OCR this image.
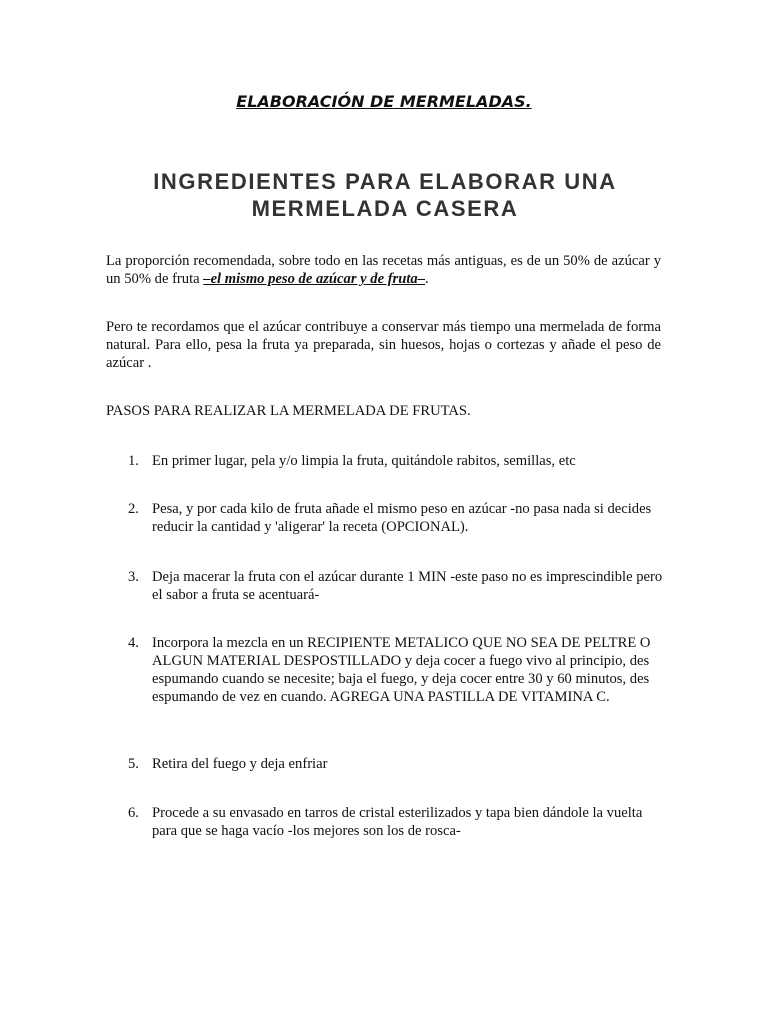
ELABORACIÓN DE MERMELADAS.
INGREDIENTES PARA ELABORAR UNA MERMELADA CASERA
La proporción recomendada, sobre todo en las recetas más antiguas, es de un 50% de azúcar y un 50% de fruta –el mismo peso de azúcar y de fruta–.
Pero te recordamos que el azúcar contribuye a conservar más tiempo una mermelada de forma natural. Para ello, pesa la fruta ya preparada, sin huesos, hojas o cortezas y añade el peso de azúcar .
PASOS PARA REALIZAR LA MERMELADA DE FRUTAS.
1. En primer lugar, pela y/o limpia la fruta, quitándole rabitos, semillas, etc
2. Pesa, y por cada kilo de fruta añade el mismo peso en azúcar -no pasa nada si decides reducir la cantidad y 'aligerar' la receta (OPCIONAL).
3. Deja macerar la fruta con el azúcar durante 1 MIN -este paso no es imprescindible pero el sabor a fruta se acentuará-
4. Incorpora la mezcla en un RECIPIENTE METALICO QUE NO SEA DE PELTRE O ALGUN MATERIAL DESPOSTILLADO y deja cocer a fuego vivo al principio, des espumando cuando se necesite; baja el fuego, y deja cocer entre 30 y 60 minutos, des espumando de vez en cuando. AGREGA UNA PASTILLA DE VITAMINA C.
5. Retira del fuego y deja enfriar
6. Procede a su envasado en tarros de cristal esterilizados y tapa bien dándole la vuelta para que se haga vacío -los mejores son los de rosca-
